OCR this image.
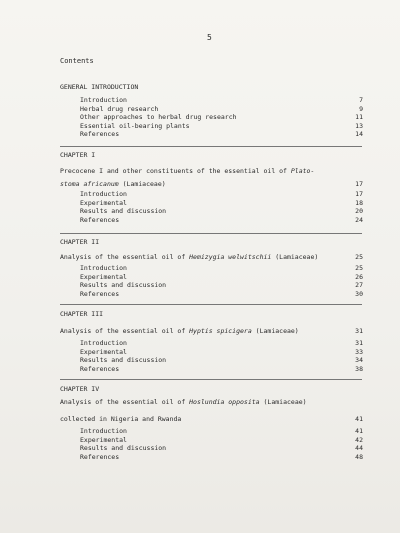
5
Contents
GENERAL INTRODUCTION
Introduction	7
Herbal drug research	9
Other approaches to herbal drug research	11
Essential oil-bearing plants	13
References	14
CHAPTER I
Precocene I and other constituents of the essential oil of Plato-
stoma africanum (Lamiaceae)	17
Introduction	17
Experimental	18
Results and discussion	20
References	24
CHAPTER II
Analysis of the essential oil of Hemizygia welwitschii (Lamiaceae)	25
Introduction	25
Experimental	26
Results and discussion	27
References	30
CHAPTER III
Analysis of the essential oil of Hyptis spicigera (Lamiaceae)	31
Introduction	31
Experimental	33
Results and discussion	34
References	38
CHAPTER IV
Analysis of the essential oil of Hoslundia opposita (Lamiaceae)
collected in Nigeria and Rwanda	41
Introduction	41
Experimental	42
Results and discussion	44
References	48
